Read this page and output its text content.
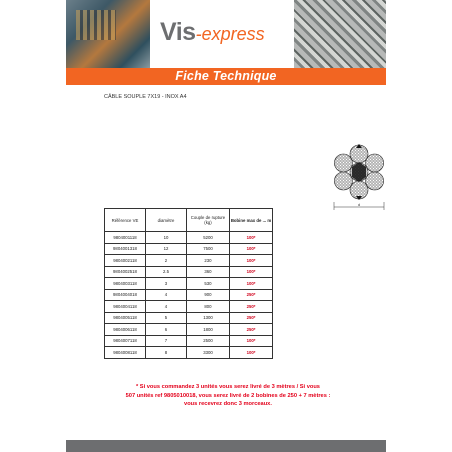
Vis-express
Fiche Technique
CÂBLE SOUPLE 7X19 - INOX A4
d
Référence VE	diamètre	Couple de rupture (kg)	Bobine max de ... m
9804001118	10	5200	100*
9804001318	12	7500	100*
9804002118	2	230	100*
9804002518	2.5	360	100*
9804003118	3	530	100*
9804004018	4	900	250*
9804004118	4	800	250*
9804005118	5	1300	250*
9804006118	6	1800	250*
9804007118	7	2500	100*
9804008118	8	3300	100*
* Si vous commandez 3 unités vous serez livré de 3 mètres / Si vous
507 unités ref 9805010018, vous serez livré de 2 bobines de 250 + 7 mètres :
vous recevrez donc 3 morceaux.
